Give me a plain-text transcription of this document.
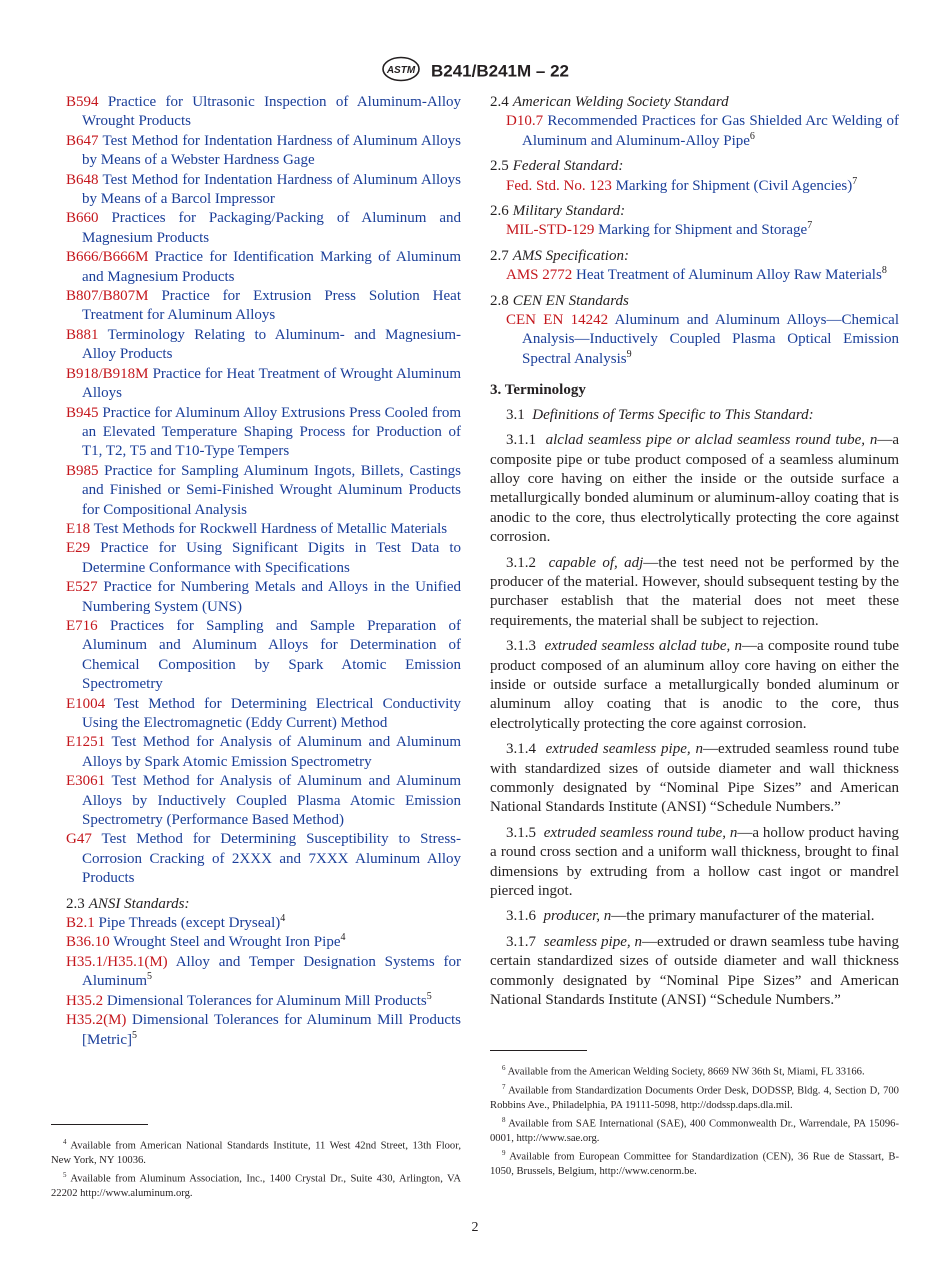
ASTM B241/B241M – 22
B594 Practice for Ultrasonic Inspection of Aluminum-Alloy Wrought Products
B647 Test Method for Indentation Hardness of Aluminum Alloys by Means of a Webster Hardness Gage
B648 Test Method for Indentation Hardness of Aluminum Alloys by Means of a Barcol Impressor
B660 Practices for Packaging/Packing of Aluminum and Magnesium Products
B666/B666M Practice for Identification Marking of Aluminum and Magnesium Products
B807/B807M Practice for Extrusion Press Solution Heat Treatment for Aluminum Alloys
B881 Terminology Relating to Aluminum- and Magnesium-Alloy Products
B918/B918M Practice for Heat Treatment of Wrought Aluminum Alloys
B945 Practice for Aluminum Alloy Extrusions Press Cooled from an Elevated Temperature Shaping Process for Production of T1, T2, T5 and T10-Type Tempers
B985 Practice for Sampling Aluminum Ingots, Billets, Castings and Finished or Semi-Finished Wrought Aluminum Products for Compositional Analysis
E18 Test Methods for Rockwell Hardness of Metallic Materials
E29 Practice for Using Significant Digits in Test Data to Determine Conformance with Specifications
E527 Practice for Numbering Metals and Alloys in the Unified Numbering System (UNS)
E716 Practices for Sampling and Sample Preparation of Aluminum and Aluminum Alloys for Determination of Chemical Composition by Spark Atomic Emission Spectrometry
E1004 Test Method for Determining Electrical Conductivity Using the Electromagnetic (Eddy Current) Method
E1251 Test Method for Analysis of Aluminum and Aluminum Alloys by Spark Atomic Emission Spectrometry
E3061 Test Method for Analysis of Aluminum and Aluminum Alloys by Inductively Coupled Plasma Atomic Emission Spectrometry (Performance Based Method)
G47 Test Method for Determining Susceptibility to Stress-Corrosion Cracking of 2XXX and 7XXX Aluminum Alloy Products
2.3 ANSI Standards:
B2.1 Pipe Threads (except Dryseal)$^4$
B36.10 Wrought Steel and Wrought Iron Pipe$^4$
H35.1/H35.1(M) Alloy and Temper Designation Systems for Aluminum$^5$
H35.2 Dimensional Tolerances for Aluminum Mill Products$^5$
H35.2(M) Dimensional Tolerances for Aluminum Mill Products [Metric]$^5$
2.4 American Welding Society Standard
D10.7 Recommended Practices for Gas Shielded Arc Welding of Aluminum and Aluminum-Alloy Pipe$^6$
2.5 Federal Standard:
Fed. Std. No. 123 Marking for Shipment (Civil Agencies)$^7$
2.6 Military Standard:
MIL-STD-129 Marking for Shipment and Storage$^7$
2.7 AMS Specification:
AMS 2772 Heat Treatment of Aluminum Alloy Raw Materials$^8$
2.8 CEN EN Standards
CEN EN 14242 Aluminum and Aluminum Alloys—Chemical Analysis—Inductively Coupled Plasma Optical Emission Spectral Analysis$^9$
3. Terminology
3.1 Definitions of Terms Specific to This Standard:
3.1.1 alclad seamless pipe or alclad seamless round tube, n—a composite pipe or tube product composed of a seamless aluminum alloy core having on either the inside or the outside surface a metallurgically bonded aluminum or aluminum-alloy coating that is anodic to the core, thus electrolytically protecting the core against corrosion.
3.1.2 capable of, adj—the test need not be performed by the producer of the material. However, should subsequent testing by the purchaser establish that the material does not meet these requirements, the material shall be subject to rejection.
3.1.3 extruded seamless alclad tube, n—a composite round tube product composed of an aluminum alloy core having on either the inside or outside surface a metallurgically bonded aluminum or aluminum alloy coating that is anodic to the core, thus electrolytically protecting the core against corrosion.
3.1.4 extruded seamless pipe, n—extruded seamless round tube with standardized sizes of outside diameter and wall thickness commonly designated by “Nominal Pipe Sizes” and American National Standards Institute (ANSI) “Schedule Numbers.”
3.1.5 extruded seamless round tube, n—a hollow product having a round cross section and a uniform wall thickness, brought to final dimensions by extruding from a hollow cast ingot or mandrel pierced ingot.
3.1.6 producer, n—the primary manufacturer of the material.
3.1.7 seamless pipe, n—extruded or drawn seamless tube having certain standardized sizes of outside diameter and wall thickness commonly designated by “Nominal Pipe Sizes” and American National Standards Institute (ANSI) “Schedule Numbers.”
$^4$ Available from American National Standards Institute, 11 West 42nd Street, 13th Floor, New York, NY 10036.
$^5$ Available from Aluminum Association, Inc., 1400 Crystal Dr., Suite 430, Arlington, VA 22202 http://www.aluminum.org.
$^6$ Available from the American Welding Society, 8669 NW 36th St, Miami, FL 33166.
$^7$ Available from Standardization Documents Order Desk, DODSSP, Bldg. 4, Section D, 700 Robbins Ave., Philadelphia, PA 19111-5098, http://dodssp.daps.dla.mil.
$^8$ Available from SAE International (SAE), 400 Commonwealth Dr., Warrendale, PA 15096-0001, http://www.sae.org.
$^9$ Available from European Committee for Standardization (CEN), 36 Rue de Stassart, B-1050, Brussels, Belgium, http://www.cenorm.be.
2
